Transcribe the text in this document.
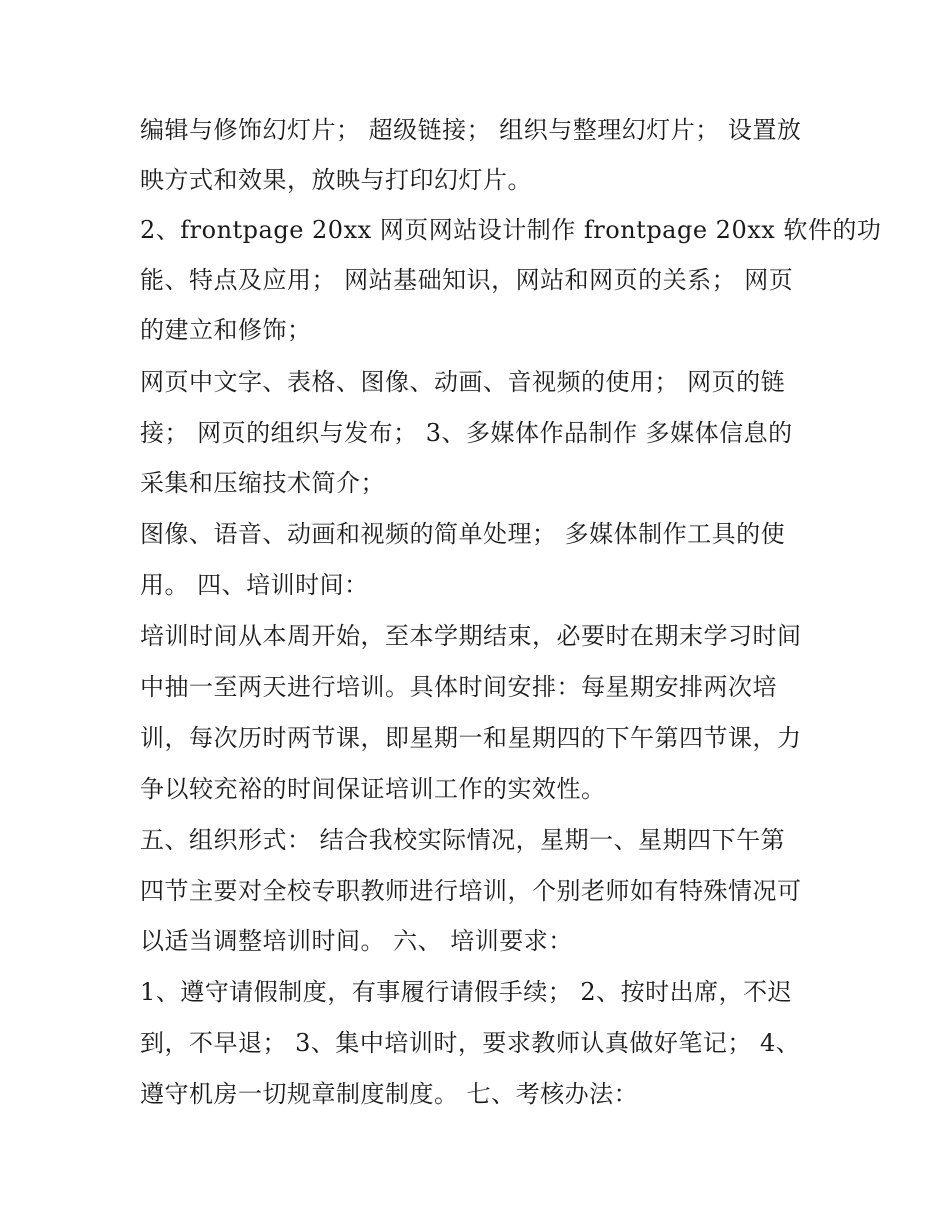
编辑与修饰幻灯片； 超级链接； 组织与整理幻灯片； 设置放
映方式和效果，放映与打印幻灯片。
2、frontpage 20xx 网页网站设计制作 frontpage 20xx 软件的功
能、特点及应用； 网站基础知识，网站和网页的关系； 网页
的建立和修饰；
网页中文字、表格、图像、动画、音视频的使用； 网页的链
接； 网页的组织与发布； 3、多媒体作品制作 多媒体信息的
采集和压缩技术简介；
图像、语音、动画和视频的简单处理； 多媒体制作工具的使
用。 四、培训时间：
培训时间从本周开始，至本学期结束，必要时在期末学习时间
中抽一至两天进行培训。具体时间安排：每星期安排两次培
训，每次历时两节课，即星期一和星期四的下午第四节课，力
争以较充裕的时间保证培训工作的实效性。
五、组织形式： 结合我校实际情况，星期一、星期四下午第
四节主要对全校专职教师进行培训，个别老师如有特殊情况可
以适当调整培训时间。 六、 培训要求：
1、遵守请假制度，有事履行请假手续； 2、按时出席，不迟
到，不早退； 3、集中培训时，要求教师认真做好笔记； 4、
遵守机房一切规章制度制度。 七、考核办法：
